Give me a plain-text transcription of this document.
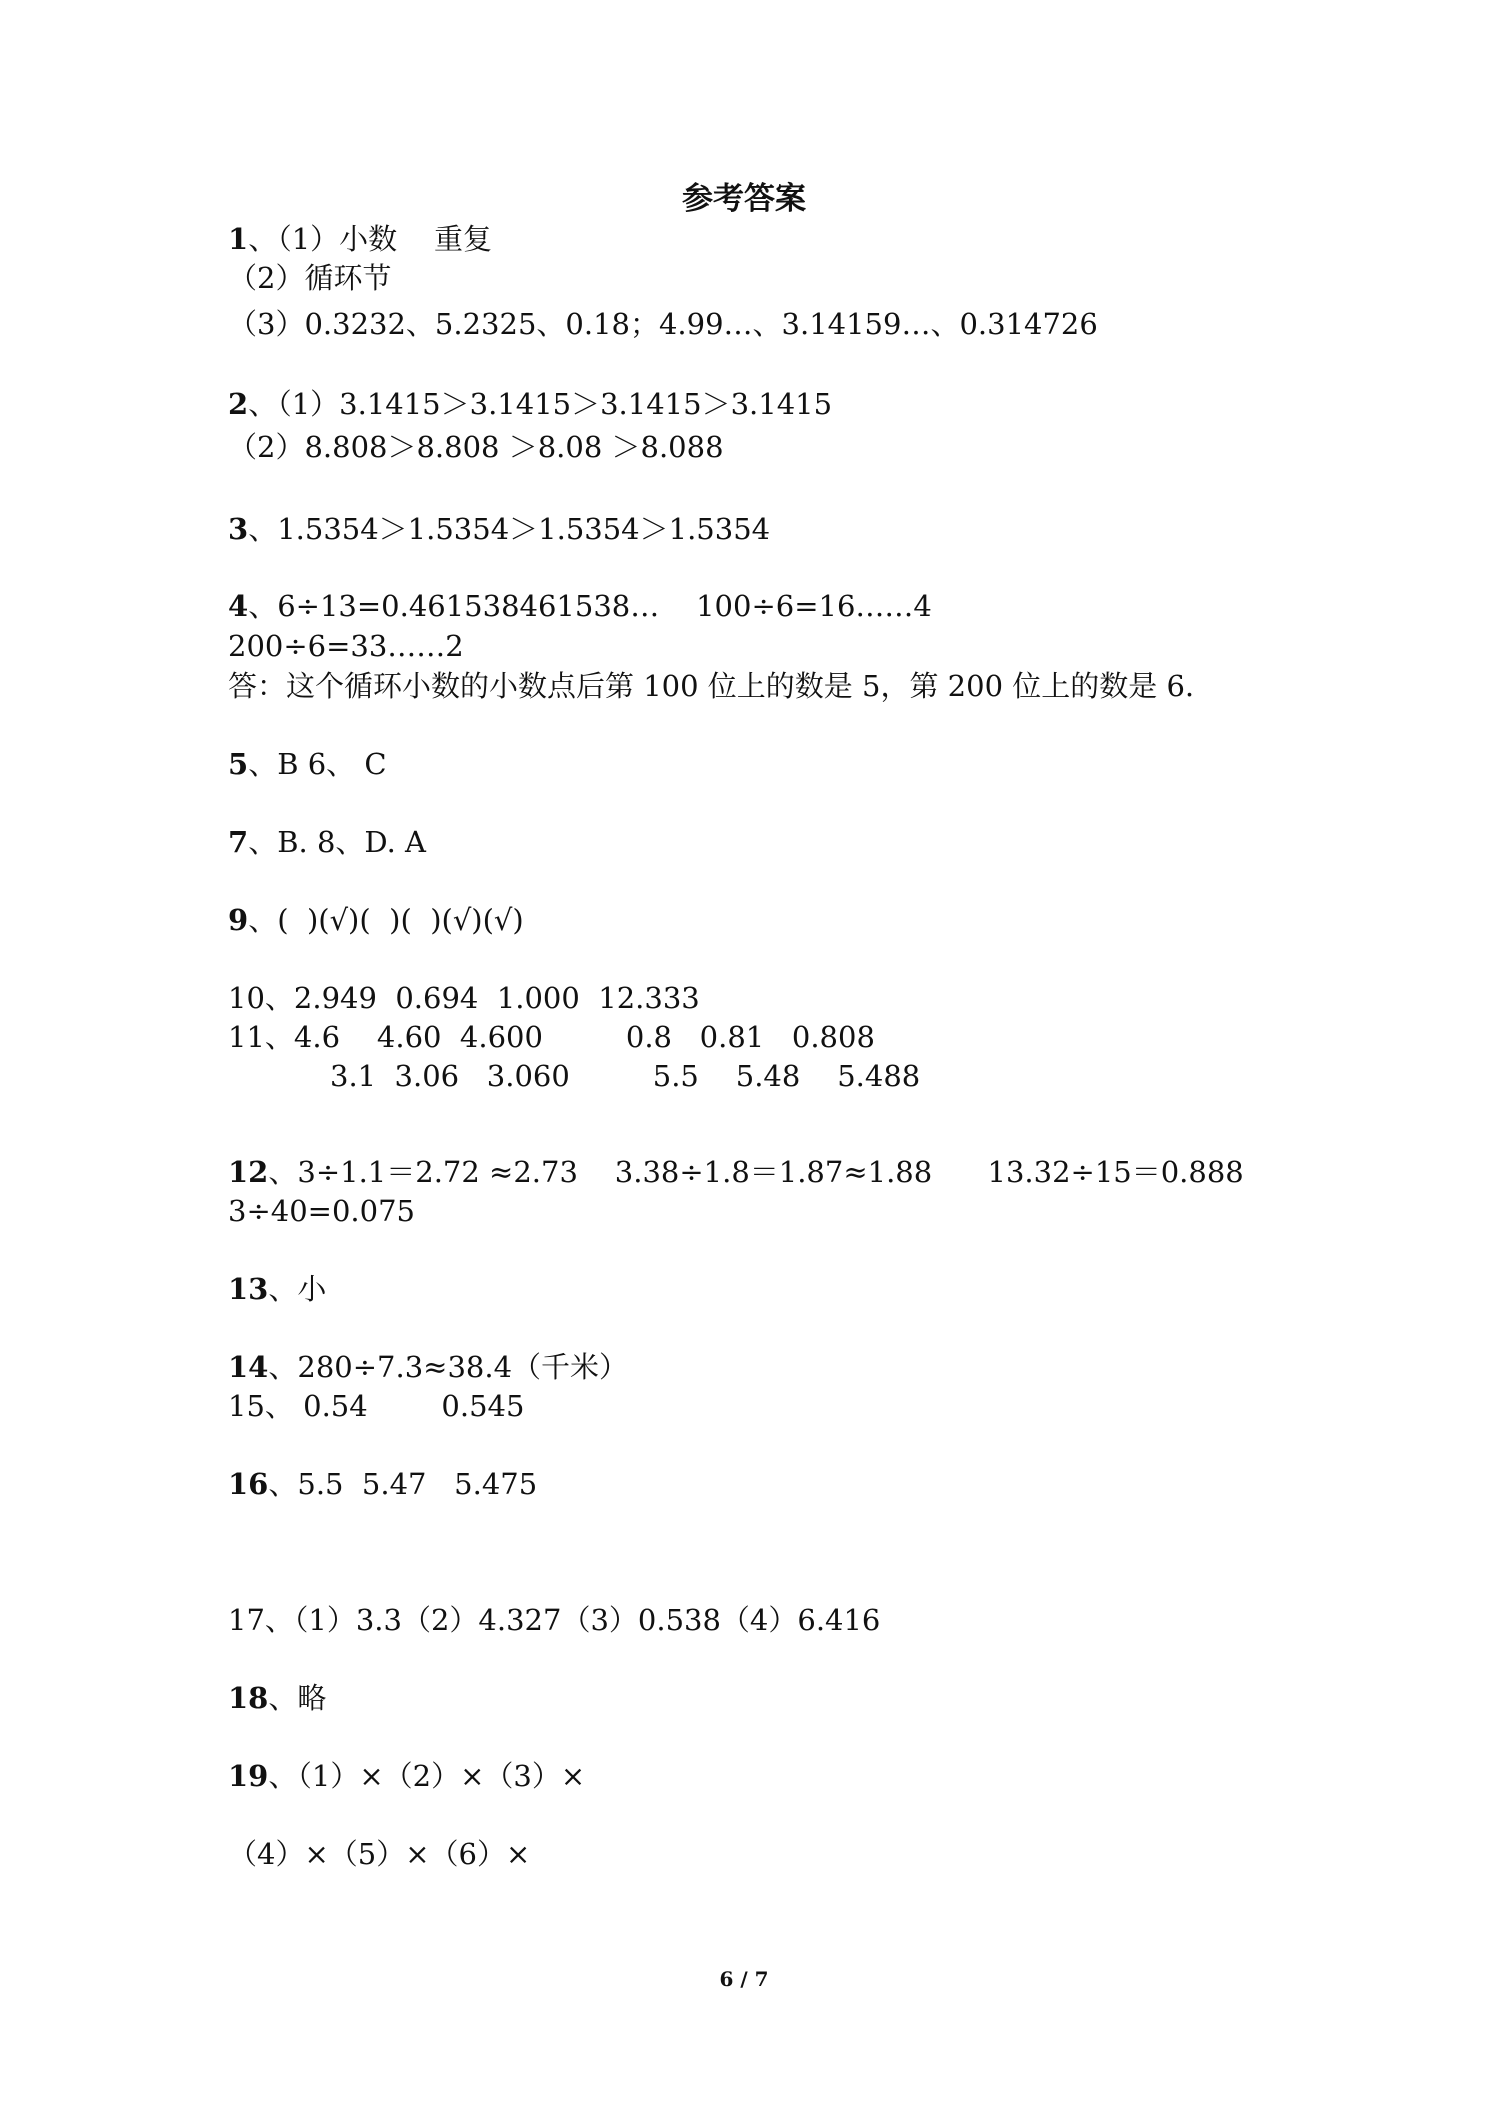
参考答案
1、（1）小数    重复
（2）循环节
（3）0.3232、5.2325、0.18；4.99…、3.14159…、0.314726
2、（1）3.1415＞3.1415＞3.1415＞3.1415
（2）8.808＞8.808 ＞8.08 ＞8.088
3、1.5354＞1.5354＞1.5354＞1.5354
4、6÷13=0.461538461538…    100÷6=16……4
200÷6=33……2
答：这个循环小数的小数点后第 100 位上的数是 5，第 200 位上的数是 6.
5、B 6、 C
7、B. 8、D. A
9、(  )(√)(  )(  )(√)(√)
10、2.949  0.694  1.000  12.333
11、4.6    4.60  4.600         0.8   0.81   0.808
3.1  3.06   3.060         5.5    5.48    5.488
12、3÷1.1＝2.72 ≈2.73    3.38÷1.8＝1.87≈1.88      13.32÷15＝0.888
3÷40=0.075
13、小
14、280÷7.3≈38.4（千米）
15、 0.54        0.545
16、5.5  5.47   5.475
17、（1）3.3（2）4.327（3）0.538（4）6.416
18、略
19、（1）×（2）×（3）×
（4）×（5）×（6）×
6 / 7
